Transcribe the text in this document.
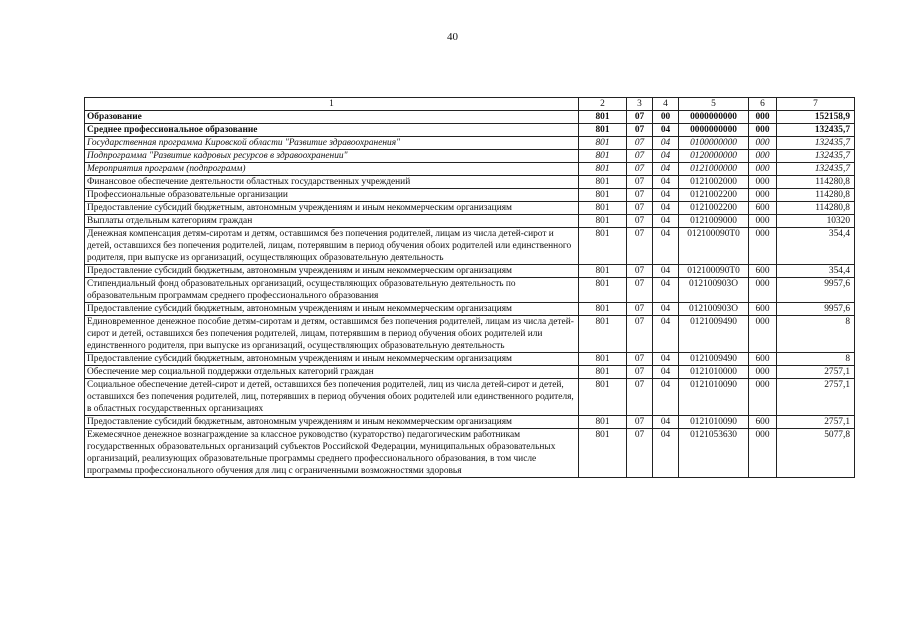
40
1	2	3	4	5	6	7
Образование	801	07	00	0000000000	000	152158,9
Среднее профессиональное образование	801	07	04	0000000000	000	132435,7
Государственная программа Кировской области "Развитие здравоохранения"	801	07	04	0100000000	000	132435,7
Подпрограмма "Развитие кадровых ресурсов в здравоохранении"	801	07	04	0120000000	000	132435,7
Мероприятия программ (подпрограмм)	801	07	04	0121000000	000	132435,7
Финансовое обеспечение деятельности областных государственных учреждений	801	07	04	0121002000	000	114280,8
Профессиональные образовательные организации	801	07	04	0121002200	000	114280,8
Предоставление субсидий бюджетным, автономным учреждениям и иным некоммерческим организациям	801	07	04	0121002200	600	114280,8
Выплаты отдельным категориям граждан	801	07	04	0121009000	000	10320
Денежная компенсация детям-сиротам и детям, оставшимся без попечения родителей, лицам из числа детей-сирот и детей, оставшихся без попечения родителей, лицам, потерявшим в период обучения обоих родителей или единственного родителя, при выпуске из организаций, осуществляющих образовательную деятельность	801	07	04	012100090Т0	000	354,4
Предоставление субсидий бюджетным, автономным учреждениям и иным некоммерческим организациям	801	07	04	012100090Т0	600	354,4
Стипендиальный фонд образовательных организаций, осуществляющих образовательную деятельность по образовательным программам среднего профессионального образования	801	07	04	012100903О	000	9957,6
Предоставление субсидий бюджетным, автономным учреждениям и иным некоммерческим организациям	801	07	04	012100903О	600	9957,6
Единовременное денежное пособие детям-сиротам и детям, оставшимся без попечения родителей, лицам из числа детей-сирот и детей, оставшихся без попечения родителей, лицам, потерявшим в период обучения обоих родителей или единственного родителя, при выпуске из организаций, осуществляющих образовательную деятельность	801	07	04	0121009490	000	8
Предоставление субсидий бюджетным, автономным учреждениям и иным некоммерческим организациям	801	07	04	0121009490	600	8
Обеспечение мер социальной поддержки отдельных категорий граждан	801	07	04	0121010000	000	2757,1
Социальное обеспечение детей-сирот и детей, оставшихся без попечения родителей, лиц из числа детей-сирот и детей, оставшихся без попечения родителей, лиц, потерявших в период обучения обоих родителей или единственного родителя, в областных государственных организациях	801	07	04	0121010090	000	2757,1
Предоставление субсидий бюджетным, автономным учреждениям и иным некоммерческим организациям	801	07	04	0121010090	600	2757,1
Ежемесячное денежное вознаграждение за классное руководство (кураторство) педагогическим работникам государственных образовательных организаций субъектов Российской Федерации, муниципальных образовательных организаций, реализующих образовательные программы среднего профессионального образования, в том числе программы профессионального обучения для лиц с ограниченными возможностями здоровья	801	07	04	0121053630	000	5077,8
